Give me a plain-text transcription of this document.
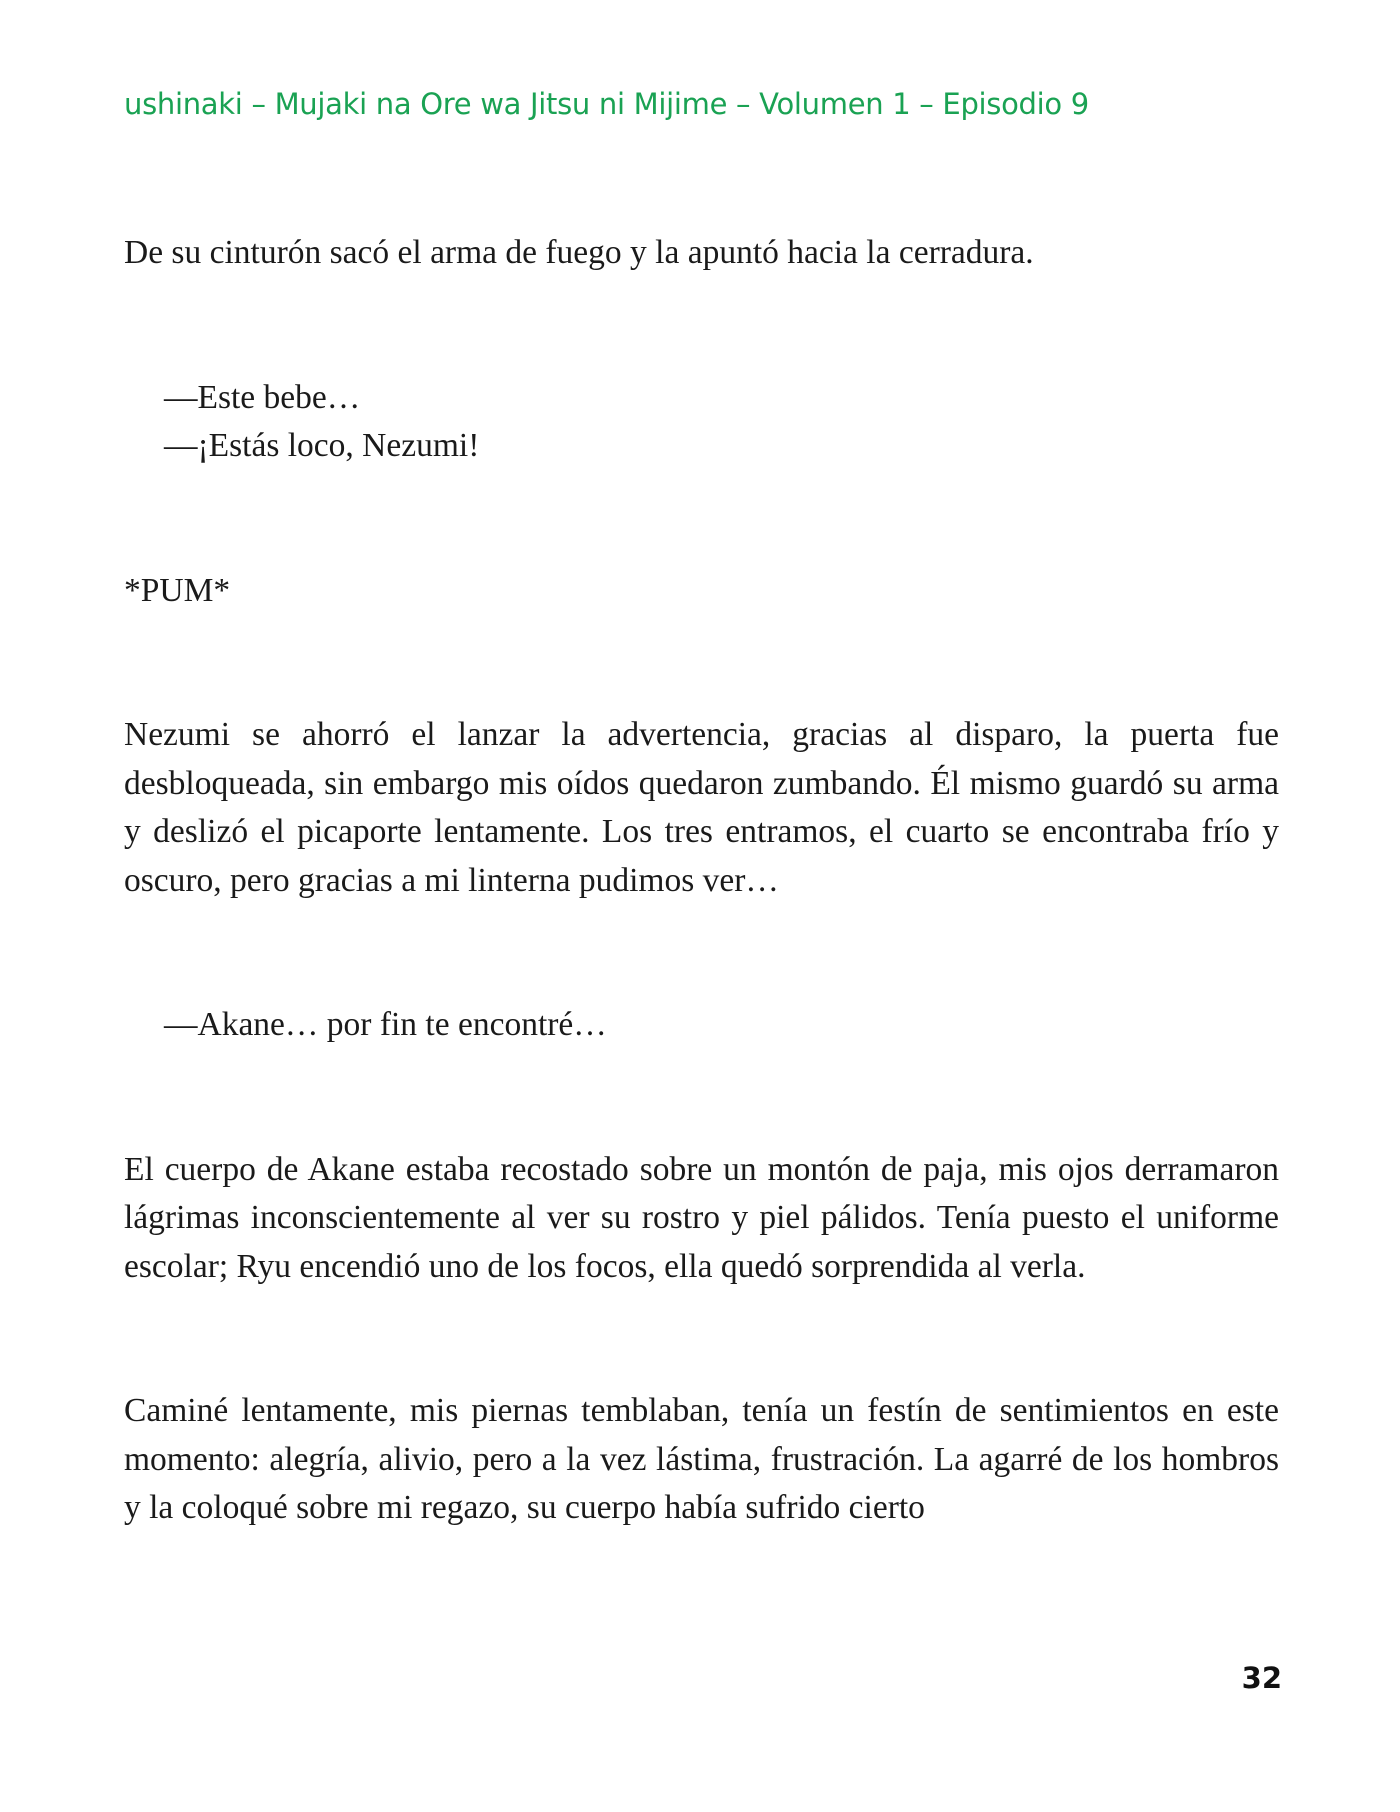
ushinaki – Mujaki na Ore wa Jitsu ni Mijime – Volumen 1 – Episodio 9

De su cinturón sacó el arma de fuego y la apuntó hacia la cerradura.

—Este bebe…

—¡Estás loco, Nezumi!

*PUM*

Nezumi se ahorró el lanzar la advertencia, gracias al disparo, la puerta fue desbloqueada, sin embargo mis oídos quedaron zumbando. Él mismo guardó su arma y deslizó el picaporte lentamente. Los tres entramos, el cuarto se encontraba frío y oscuro, pero gracias a mi linterna pudimos ver…

—Akane… por fin te encontré…

El cuerpo de Akane estaba recostado sobre un montón de paja, mis ojos derramaron lágrimas inconscientemente al ver su rostro y piel pálidos. Tenía puesto el uniforme escolar; Ryu encendió uno de los focos, ella quedó sorprendida al verla.

Caminé lentamente, mis piernas temblaban, tenía un festín de sentimientos en este momento: alegría, alivio, pero a la vez lástima, frustración. La agarré de los hombros y la coloqué sobre mi regazo, su cuerpo había sufrido cierto

32
